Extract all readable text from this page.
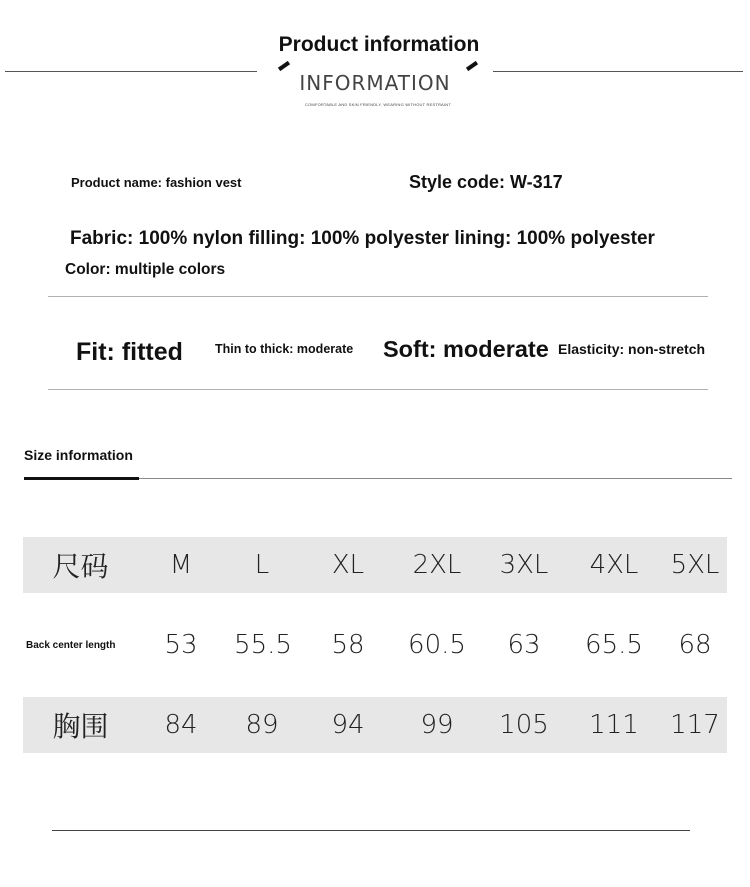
Product information
INFORMATION
COMFORTABLE AND SKIN FRIENDLY, WEARING WITHOUT RESTRAINT
Product name: fashion vest	Style code: W-317
Fabric: 100% nylon filling: 100% polyester lining: 100% polyester
Color: multiple colors
Fit: fitted	Thin to thick: moderate Soft: moderate Elasticity: non-stretch
Size information
尺码	M	L	XL	2XL	3XL	4XL	5XL
Back center length	53	55.5	58	60.5	63	65.5	68
胸围	84	89	94	99	105	111	117
